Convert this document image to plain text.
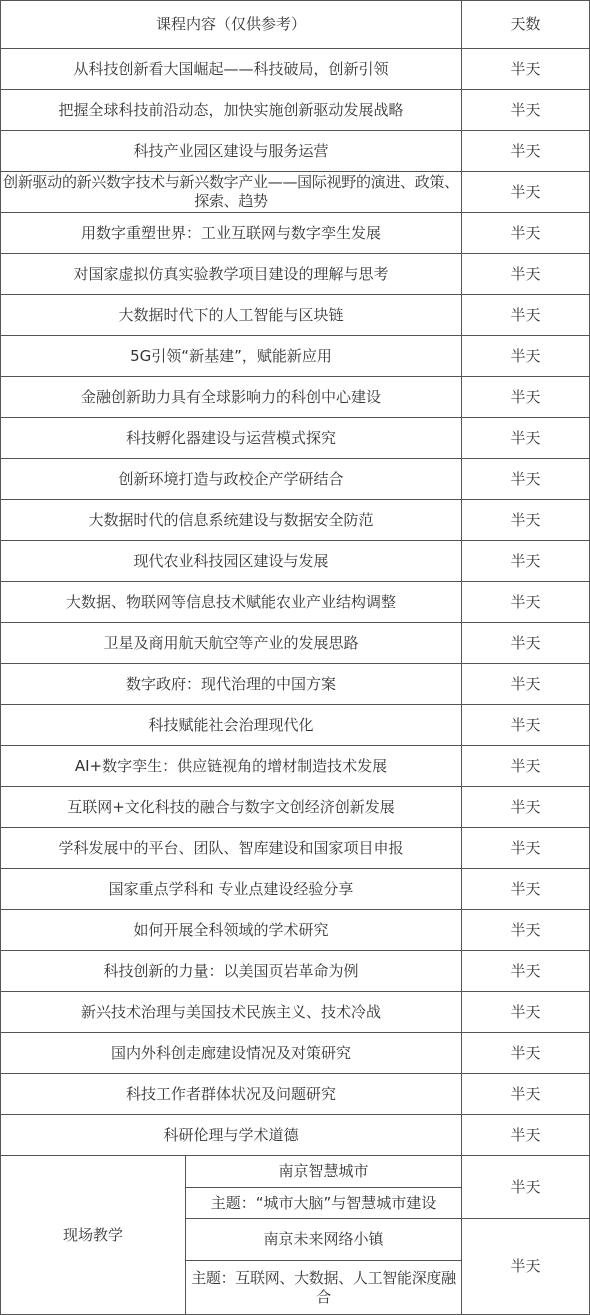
课程内容（仅供参考）		天数
从科技创新看大国崛起——科技破局，创新引领		半天
把握全球科技前沿动态，加快实施创新驱动发展战略		半天
科技产业园区建设与服务运营		半天
创新驱动的新兴数字技术与新兴数字产业——国际视野的演进、政策、探索、趋势		半天
用数字重塑世界：工业互联网与数字孪生发展		半天
对国家虚拟仿真实验教学项目建设的理解与思考		半天
大数据时代下的人工智能与区块链		半天
5G引领“新基建”，赋能新应用		半天
金融创新助力具有全球影响力的科创中心建设		半天
科技孵化器建设与运营模式探究		半天
创新环境打造与政校企产学研结合		半天
大数据时代的信息系统建设与数据安全防范		半天
现代农业科技园区建设与发展		半天
大数据、物联网等信息技术赋能农业产业结构调整		半天
卫星及商用航天航空等产业的发展思路		半天
数字政府：现代治理的中国方案		半天
科技赋能社会治理现代化		半天
AI+数字孪生：供应链视角的增材制造技术发展		半天
互联网+文化科技的融合与数字文创经济创新发展		半天
学科发展中的平台、团队、智库建设和国家项目申报		半天
国家重点学科和 专业点建设经验分享		半天
如何开展全科领域的学术研究		半天
科技创新的力量：以美国页岩革命为例		半天
新兴技术治理与美国技术民族主义、技术冷战		半天
国内外科创走廊建设情况及对策研究		半天
科技工作者群体状况及问题研究		半天
科研伦理与学术道德		半天
现场教学	南京智慧城市	半天
	主题：“城市大脑”与智慧城市建设	
	南京未来网络小镇	半天
	主题：互联网、大数据、人工智能深度融合	
